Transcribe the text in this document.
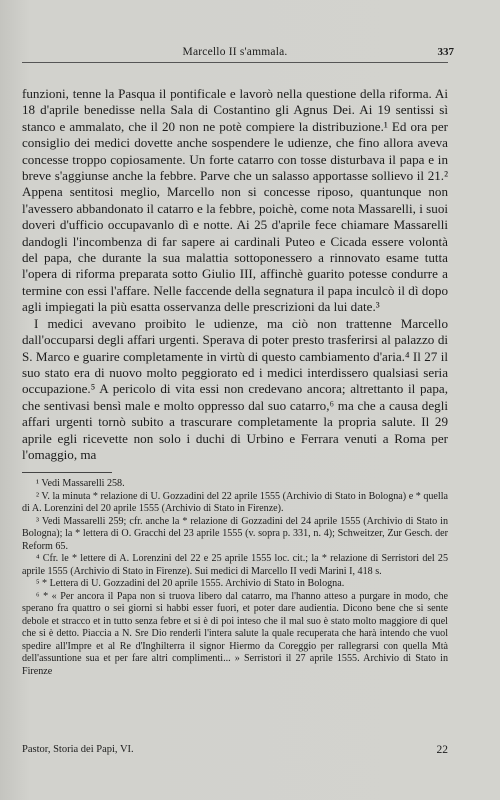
Marcello II s'ammala.	337

funzioni, tenne la Pasqua il pontificale e lavorò nella questione della riforma. Ai 18 d'aprile benedisse nella Sala di Costantino gli Agnus Dei. Ai 19 sentissi sì stanco e ammalato, che il 20 non ne potè compiere la distribuzione.¹ Ed ora per consiglio dei medici dovette anche sospendere le udienze, che fino allora aveva concesse troppo copiosamente. Un forte catarro con tosse disturbava il papa e in breve s'aggiunse anche la febbre. Parve che un salasso apportasse sollievo il 21.² Appena sentitosi meglio, Marcello non si concesse riposo, quantunque non l'avessero abbandonato il catarro e la febbre, poichè, come nota Massarelli, i suoi doveri d'ufficio occupavanlo dì e notte. Ai 25 d'aprile fece chiamare Massarelli dandogli l'incombenza di far sapere ai cardinali Puteo e Cicada essere volontà del papa, che durante la sua malattia sottoponessero a rinnovato esame tutta l'opera di riforma preparata sotto Giulio III, affinchè guarito potesse condurre a termine con essi l'affare. Nelle faccende della segnatura il papa inculcò il dì dopo agli impiegati la più esatta osservanza delle prescrizioni da lui date.³

I medici avevano proibito le udienze, ma ciò non trattenne Marcello dall'occuparsi degli affari urgenti. Sperava di poter presto trasferirsi al palazzo di S. Marco e guarire completamente in virtù di questo cambiamento d'aria.⁴ Il 27 il suo stato era di nuovo molto peggiorato ed i medici interdissero qualsiasi seria occupazione.⁵ A pericolo di vita essi non credevano ancora; altrettanto il papa, che sentivasi bensì male e molto oppresso dal suo catarro,⁶ ma che a causa degli affari urgenti tornò subito a trascurare completamente la propria salute. Il 29 aprile egli ricevette non solo i duchi di Urbino e Ferrara venuti a Roma per l'omaggio, ma

¹ Vedi Massarelli 258.

² V. la minuta * relazione di U. Gozzadini del 22 aprile 1555 (Archivio di Stato in Bologna) e * quella di A. Lorenzini del 20 aprile 1555 (Archivio di Stato in Firenze).

³ Vedi Massarelli 259; cfr. anche la * relazione di Gozzadini del 24 aprile 1555 (Archivio di Stato in Bologna); la * lettera di O. Gracchi del 23 aprile 1555 (v. sopra p. 331, n. 4); Schweitzer, Zur Gesch. der Reform 65.

⁴ Cfr. le * lettere di A. Lorenzini del 22 e 25 aprile 1555 loc. cit.; la * relazione di Serristori del 25 aprile 1555 (Archivio di Stato in Firenze). Sui medici di Marcello II vedi Marini I, 418 s.

⁵ * Lettera di U. Gozzadini del 20 aprile 1555. Archivio di Stato in Bologna.

⁶ * « Per ancora il Papa non si truova libero dal catarro, ma l'hanno atteso a purgare in modo, che sperano fra quattro o sei giorni si habbi esser fuori, et poter dare audientia. Dicono bene che si sente debole et stracco et in tutto senza febre et si è di poi inteso che il mal suo è stato molto maggiore di quel che si è detto. Piaccia a N. Sre Dio renderli l'intera salute la quale recuperata che harà intendo che vuol spedire all'Impre et al Re d'Inghilterra il signor Hiermo da Coreggio per rallegrarsi con quella Mtà dell'assuntione sua et per fare altri complimenti... » Serristori il 27 aprile 1555. Archivio di Stato in Firenze

Pastor, Storia dei Papi, VI.	22
